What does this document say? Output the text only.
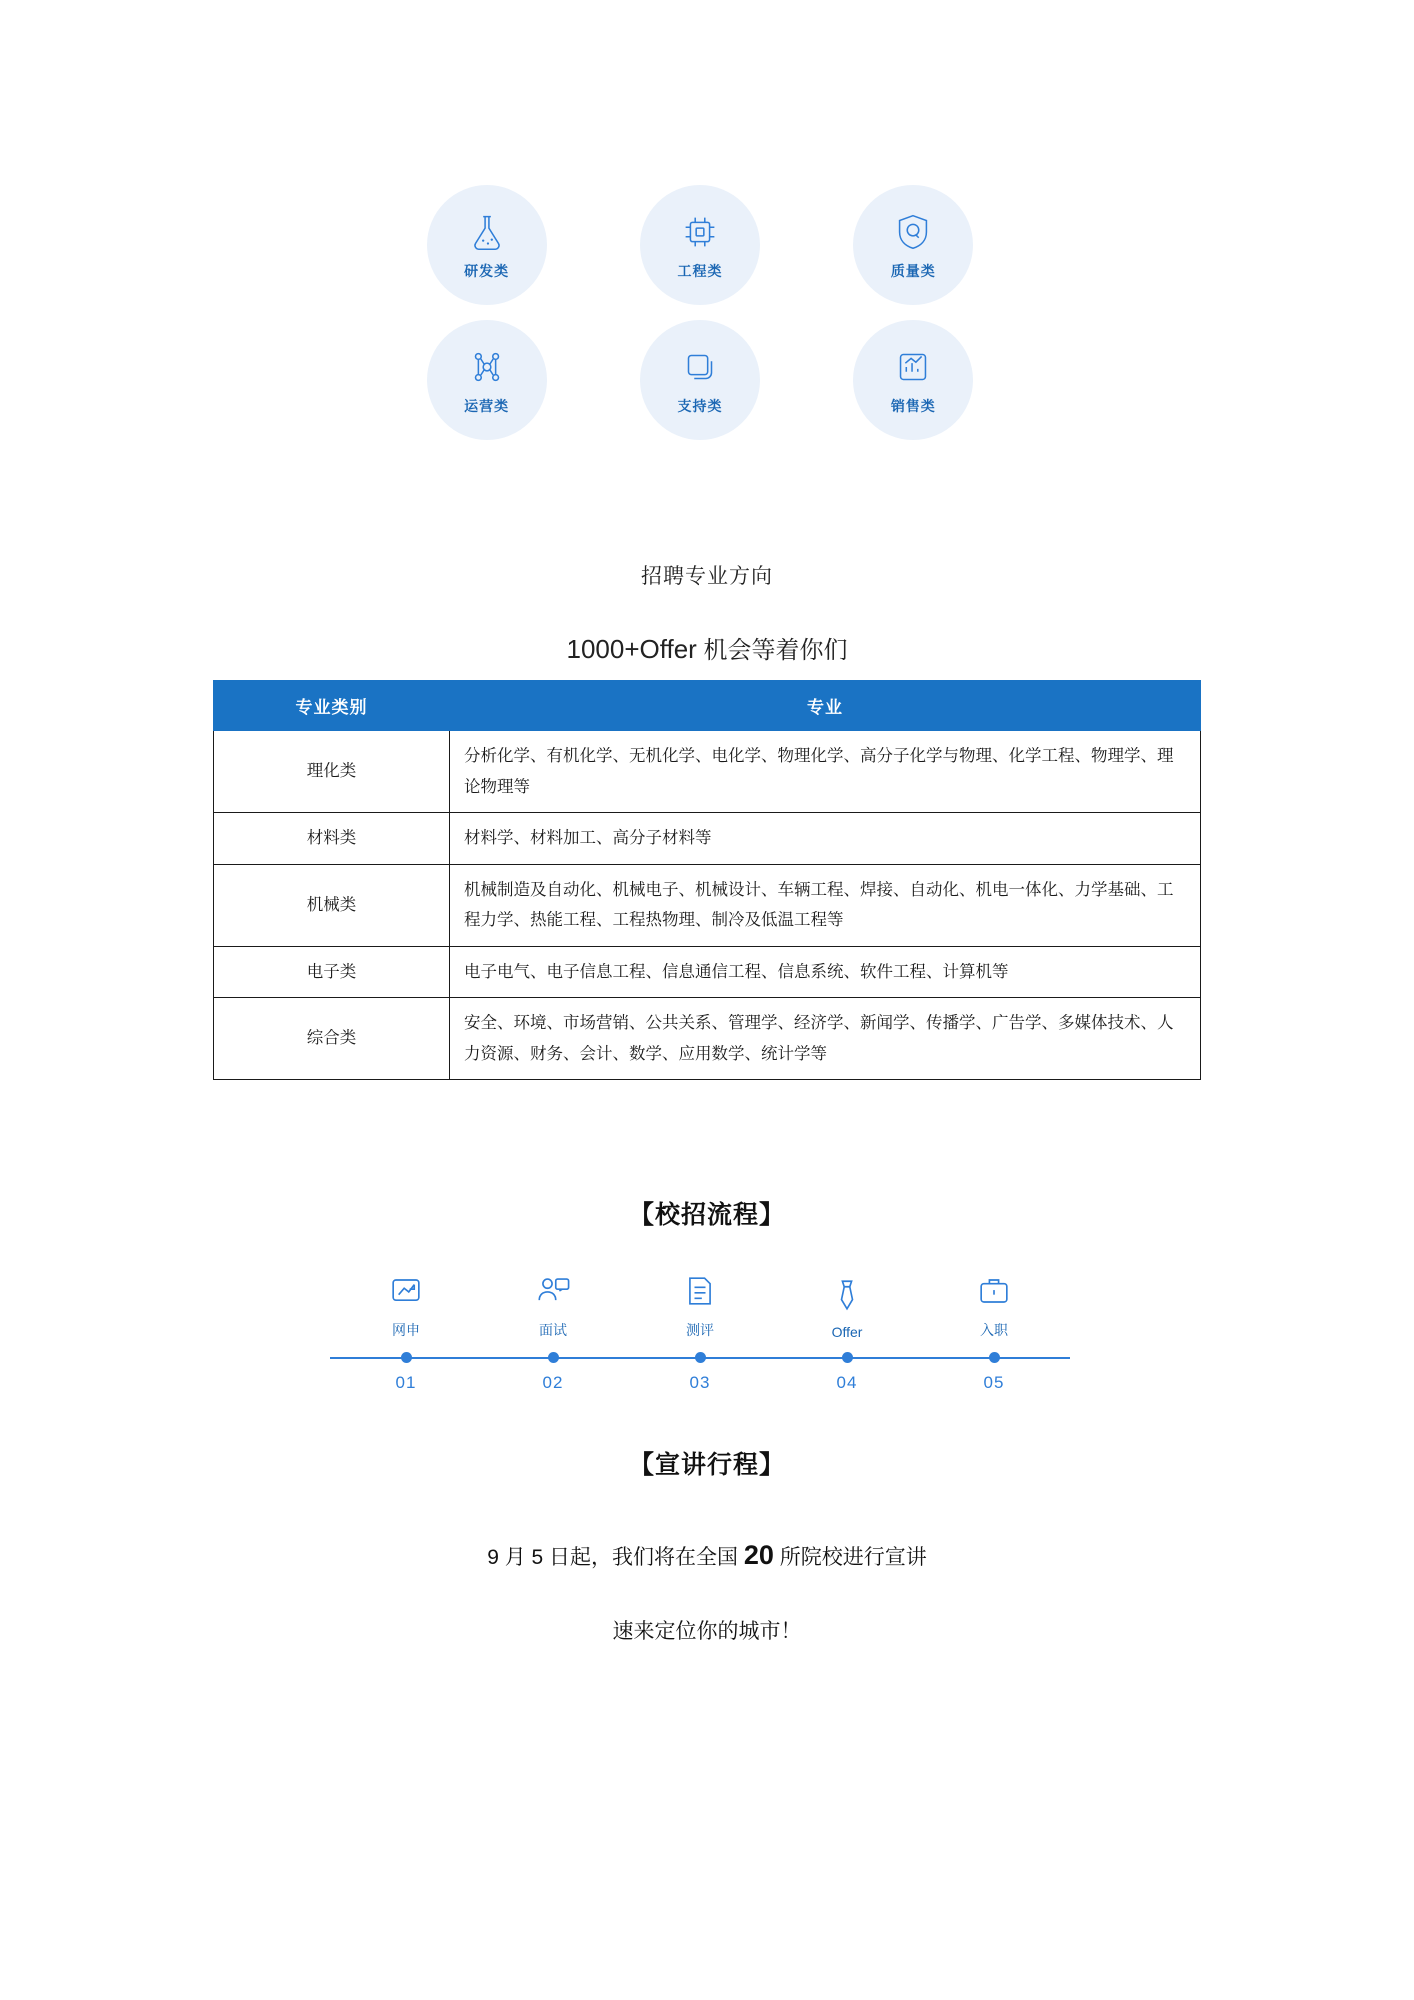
研发类	工程类	质量类
运营类	支持类	销售类
招聘专业方向
1000+Offer 机会等着你们
专业类别	专业
理化类	分析化学、有机化学、无机化学、电化学、物理化学、高分子化学与物理、化学工程、物理学、理论物理等
材料类	材料学、材料加工、高分子材料等
机械类	机械制造及自动化、机械电子、机械设计、车辆工程、焊接、自动化、机电一体化、力学基础、工程力学、热能工程、工程热物理、制冷及低温工程等
电子类	电子电气、电子信息工程、信息通信工程、信息系统、软件工程、计算机等
综合类	安全、环境、市场营销、公共关系、管理学、经济学、新闻学、传播学、广告学、多媒体技术、人力资源、财务、会计、数学、应用数学、统计学等
【校招流程】
网申	面试	测评	Offer	入职
01	02	03	04	05
【宣讲行程】
9 月 5 日起，我们将在全国 20 所院校进行宣讲
速来定位你的城市！
